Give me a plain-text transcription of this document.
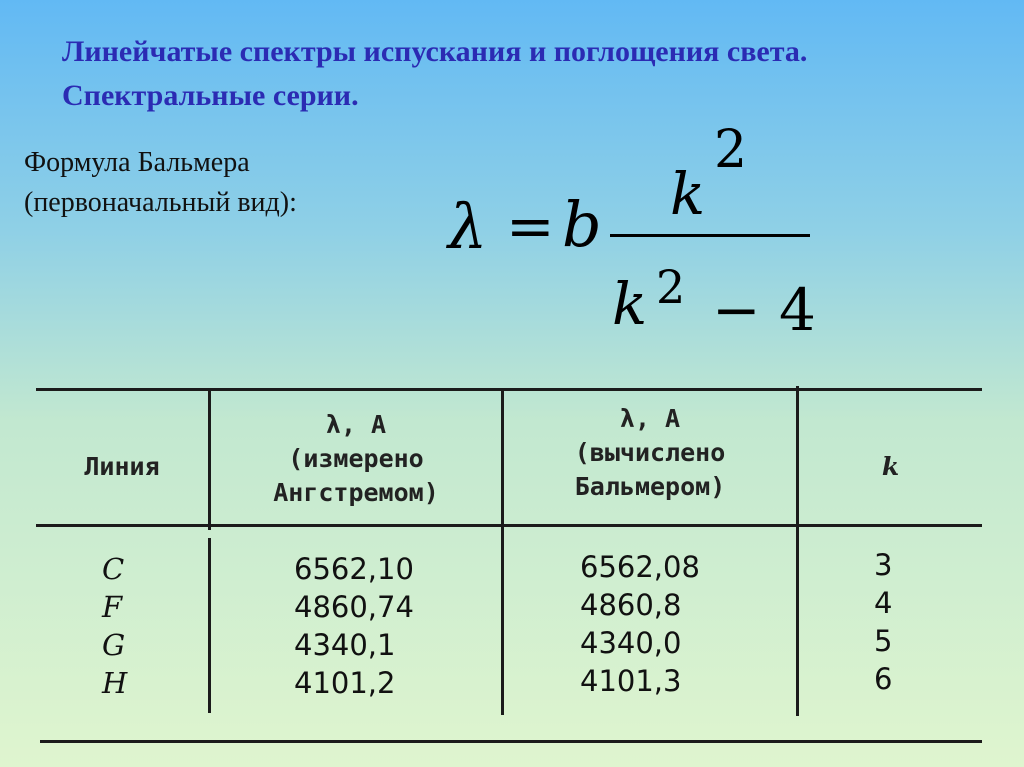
Линейчатые спектры испускания и поглощения света.
Спектральные серии.
Формула Бальмера
(первоначальный вид): λ = b k
2
k 2 − 4
Линия
λ, А
(измерено
Ангстремом)
λ, А
(вычислено
Бальмером)
k
C
F
G
H
6562,10
4860,74
4340,1
4101,2
6562,08
4860,8
4340,0
4101,3
3
4
5
6
